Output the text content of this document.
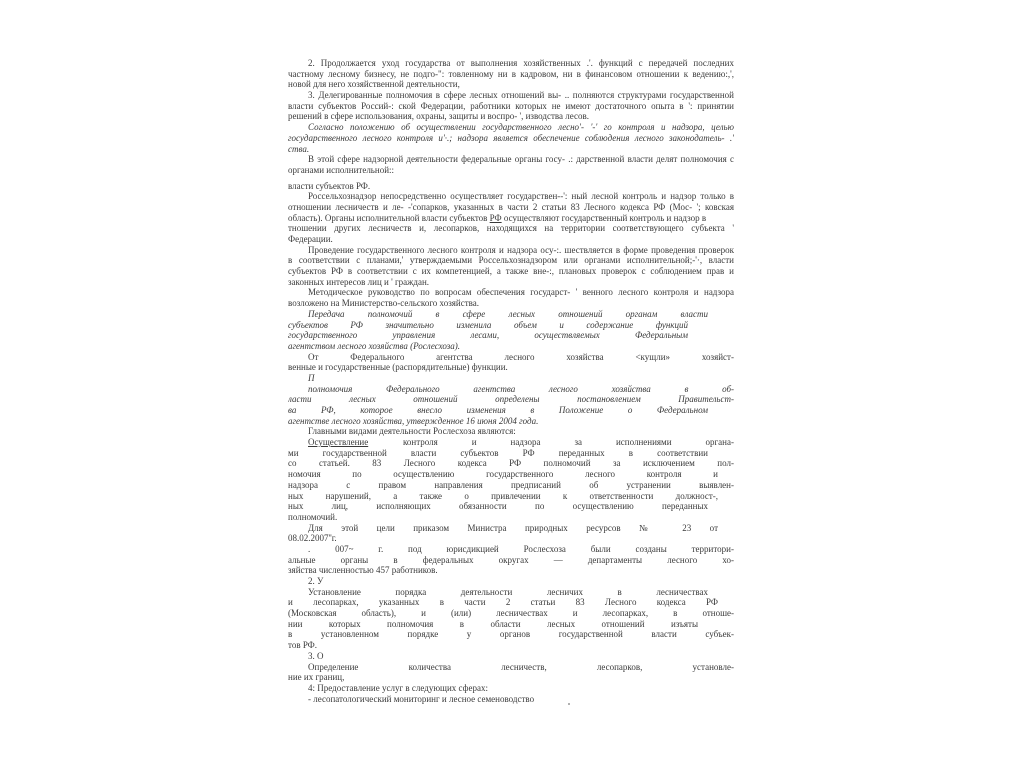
2. Продолжается уход государства от выполнения хозяйственных .'. функций с передачей последних
частному лесному бизнесу, не подго-": товленному ни в кадровом, ни в финансовом отношении к ведению:,',
новой для него хозяйственной деятельности,
3. Делегированные полномочия в сфере лесных отношений вы- .. полняются структурами государственной
власти субъектов Россий-: ской Федерации, работники которых не имеют достаточного опыта в ': принятии
решений в сфере использования, охраны, защиты и воспро- ', изводства лесов.
Согласно положению об осуществлении государственного лесно'- '-' го контроля и надзора, целью
государственного лесного контроля и'·.; надзора является обеспечение соблюдения лесного законодатель- .'
ства.
В этой сфере надзорной деятельности федеральные органы госу- .: дарственной власти делят полномочия с
органами исполнительной::
власти субъектов РФ.
Россельхознадзор непосредственно осуществляет государствен--': ный лесной контроль и надзор только в
отношении лесничеств и ле- -'сопарков, указанных в части 2 статьи 83 Лесного кодекса РФ (Мос- '; ковская
область). Органы исполнительной власти субъектов РФ осуществляют государственный контроль и надзор в
тношении других лесничеств и, лесопарков, находящихся на территории соответствующего субъекта '
Федерации.
Проведение государственного лесного контроля и надзора осу-:. шествляется в форме проведения проверок
в соответствии с планами,' утверждаемыми Россельхознадзором или органами исполнительной;-'·, власти
субъектов РФ в соответствии с их компетенцией, а также вне-:, плановых проверок с соблюдением прав и
законных интересов лиц и ' граждан.
Методическое руководство по вопросам обеспечения государст- ' венного лесного контроля и надзора
возложено на Министерство-сельского хозяйства.
Передача полномочий в сфере лесных отношений органам власти
субъектов РФ значительно изменила объем и содержание функций
государственного управления лесами, осуществляемых Федеральным
агентством лесного хозяйства (Рослесхоза).
От Федерального агентства лесного хозяйства <кущли» хозяйст-
венные и государственные (распорядительные) функции.
П
полномочия Федерального агентства лесного хозяйства в об-
ласти лесных отношений определены постановлением Правительст-
ва РФ, которое внесло изменения в Положение о Федеральном
агентстве лесного хозяйства, утвержденное 16 июня 2004 года.
Главными видами деятельности Рослесхоза являются:
Осуществление	контроля и надзора за исполнениями органа-
ми государственной власти субъектов РФ переданных в соответствии
со статьей. 83 Лесного кодекса РФ полномочий за исключением пол-
номочия по осуществлению государственного лесного контроля и
надзора с правом направления предписаний об устранении выявлен-
ных нарушений, а также о привлечении к ответственности должност-,
ных лиц, исполняющих обязанности по осуществлению переданных
полномочий.
Для этой цели приказом Министра природных ресурсов № 23 от
08.02.2007''г.
. 007~ г. под юрисдикцией Рослесхоза были созданы территори-
альные органы в федеральных округах — департаменты лесного хо-
зяйства численностью 457 работников.
2. У
Установление порядка деятельности лесничих в лесничествах
и лесопарках, указанных в части 2 статьи 83 Лесного кодекса РФ
(Московская область), и (или) лесничествах и лесопарках, в отноше-
нии которых полномочия в области лесных отношений изъяты
в установленном порядке у органов государственной власти субъек-
тов РФ.
3. О
Определение количества лесничеств, лесопарков, установле-
ние их границ,
4: Предоставление услуг в следующих сферах:
- лесопатологический мониторинг и лесное семеноводство
